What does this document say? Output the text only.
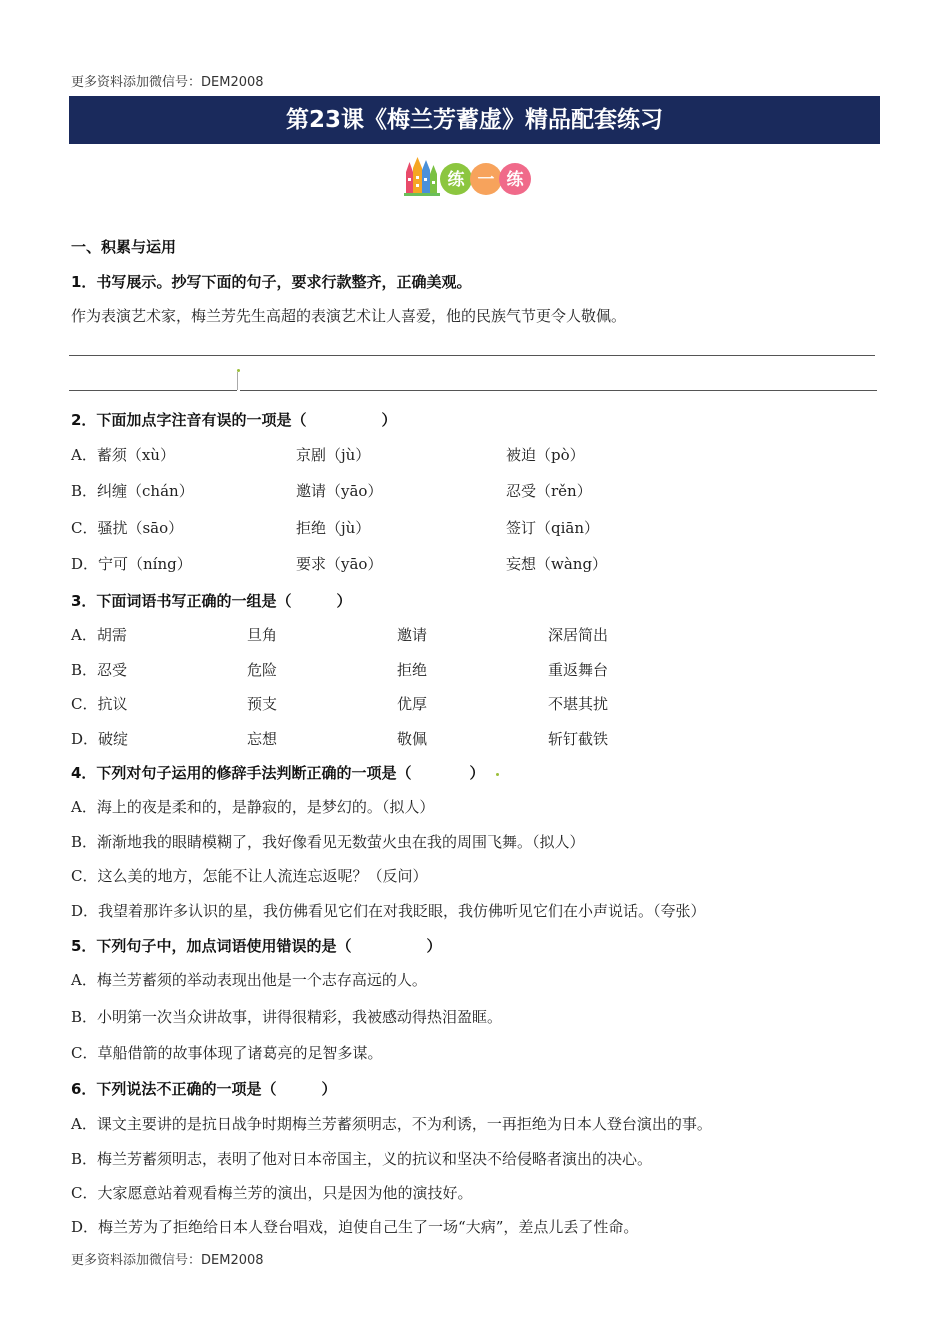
更多资料添加微信号：DEM2008
第23课《梅兰芳蓄虚》精品配套练习
练 一 练
一、积累与运用
1．书写展示。抄写下面的句子，要求行款整齐，正确美观。
作为表演艺术家，梅兰芳先生高超的表演艺术让人喜爱，他的民族气节更令人敬佩。
2．下面加点字注音有误的一项是（　　　　　）
A．蓄须（xù）	京剧（jù）	被迫（pò）
B．纠缠（chán）	邀请（yāo）	忍受（rěn）
C．骚扰（sāo）	拒绝（jù）	签订（qiān）
D．宁可（níng）	要求（yāo）	妄想（wàng）
3．下面词语书写正确的一组是（　　　）
A．胡需	旦角	邀请	深居简出
B．忍受	危险	拒绝	重返舞台
C．抗议	预支	优厚	不堪其扰
D．破绽	忘想	敬佩	斩钉截铁
4．下列对句子运用的修辞手法判断正确的一项是（	）
A．海上的夜是柔和的，是静寂的，是梦幻的。（拟人）
B．渐渐地我的眼睛模糊了，我好像看见无数萤火虫在我的周围飞舞。（拟人）
C．这么美的地方，怎能不让人流连忘返呢？（反问）
D．我望着那许多认识的星，我仿佛看见它们在对我眨眼，我仿佛听见它们在小声说话。（夸张）
5．下列句子中，加点词语使用错误的是（　　　　　）
A．梅兰芳蓄须的举动表现出他是一个志存高远的人。
B．小明第一次当众讲故事，讲得很精彩，我被感动得热泪盈眶。
C．草船借箭的故事体现了诸葛亮的足智多谋。
6．下列说法不正确的一项是（　　　）
A．课文主要讲的是抗日战争时期梅兰芳蓄须明志，不为利诱，一再拒绝为日本人登台演出的事。
B．梅兰芳蓄须明志，表明了他对日本帝国主，义的抗议和坚决不给侵略者演出的决心。
C．大家愿意站着观看梅兰芳的演出，只是因为他的演技好。
D．梅兰芳为了拒绝给日本人登台唱戏，迫使自己生了一场“大病”，差点儿丢了性命。
更多资料添加微信号：DEM2008
